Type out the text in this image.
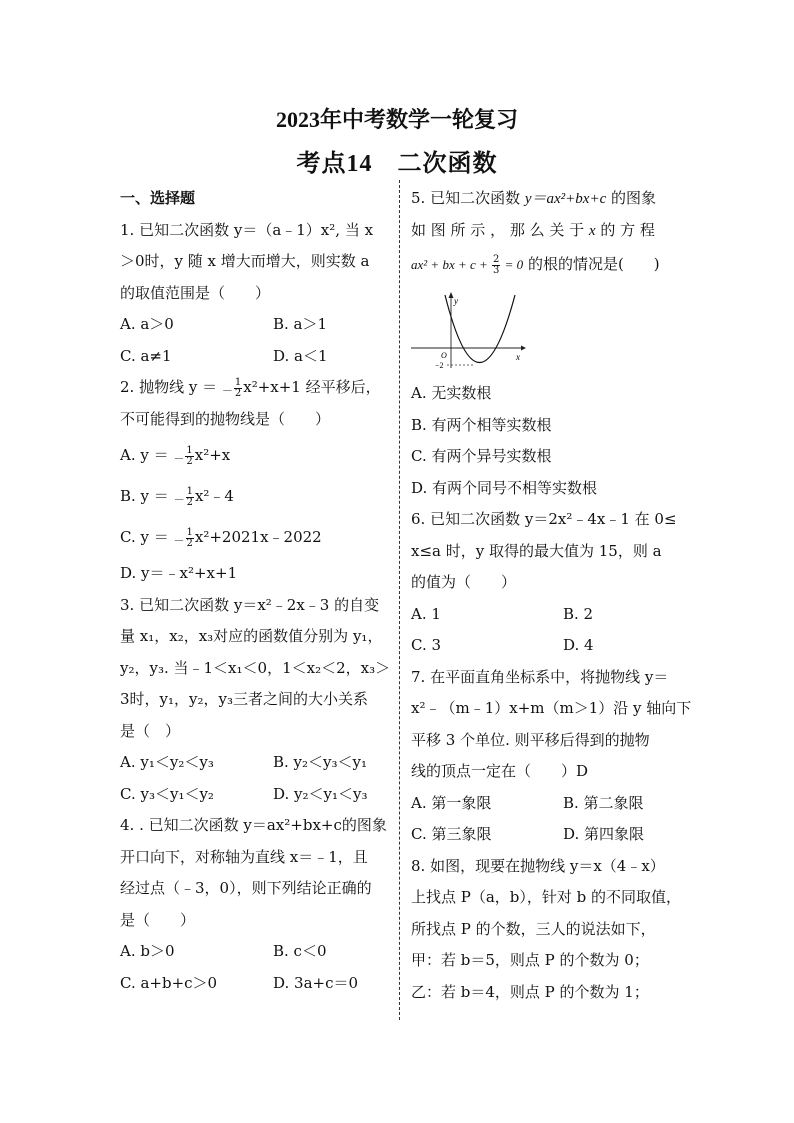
2023年中考数学一轮复习
考点14　二次函数
一、选择题
1. 已知二次函数 y＝（a﹣1）x², 当 x
＞0时，y 随 x 增大而增大，则实数 a
的取值范围是（　　）
A. a＞0	B. a＞1
C. a≠1	D. a＜1
2. 抛物线 y ＝ － $\frac{1}{2} x^2+x+1$ 经平移后，
不可能得到的抛物线是（　　）
A. y ＝ － $\frac{1}{2} x^2+x$
B. y ＝ － $\frac{1}{2}$ x²﹣4
C. y ＝ － $\frac{1}{2}$ x²+2021x﹣2022
D. y＝﹣x²+x+1
3. 已知二次函数 y＝x²﹣2x﹣3 的自变
量 x₁，x₂，x₃对应的函数值分别为 y₁，
y₂，y₃. 当﹣1＜x₁＜0，1＜x₂＜2，x₃＞
3时，y₁，y₂，y₃三者之间的大小关系
是（　）
A. y₁＜y₂＜y₃	B. y₂＜y₃＜y₁
C. y₃＜y₁＜y₂	D. y₂＜y₁＜y₃
4. . 已知二次函数 y＝ax²+bx+c的图象
开口向下，对称轴为直线 x＝﹣1，且
经过点（﹣3，0），则下列结论正确的
是（　　）
A. b＞0	B. c＜0
C. a+b+c＞0	D. 3a+c＝0
5. 已知二次函数 y＝ax²+bx+c 的图象
如 图 所 示 ， 那 么 关 于 x 的 方 程
ax² + bx + $c + \frac{2}{3} = 0$ 的根的情况是(　　)
y
x
O
−2
A. 无实数根
B. 有两个相等实数根
C. 有两个异号实数根
D. 有两个同号不相等实数根
6. 已知二次函数 y＝2x²﹣4x﹣1 在 0≤
x≤a 时，y 取得的最大值为 15，则 a
的值为（　　）
A. 1	B. 2
C. 3	D. 4
7. 在平面直角坐标系中，将抛物线 y＝
x²﹣（m﹣1）x+m（m＞1）沿 y 轴向下
平移 3 个单位. 则平移后得到的抛物
线的顶点一定在（　　）D
A. 第一象限	B. 第二象限
C. 第三象限	D. 第四象限
8. 如图，现要在抛物线 y＝x（4﹣x）
上找点 P（a，b），针对 b 的不同取值，
所找点 P 的个数，三人的说法如下，
甲：若 b＝5，则点 P 的个数为 0；
乙：若 b＝4，则点 P 的个数为 1；
